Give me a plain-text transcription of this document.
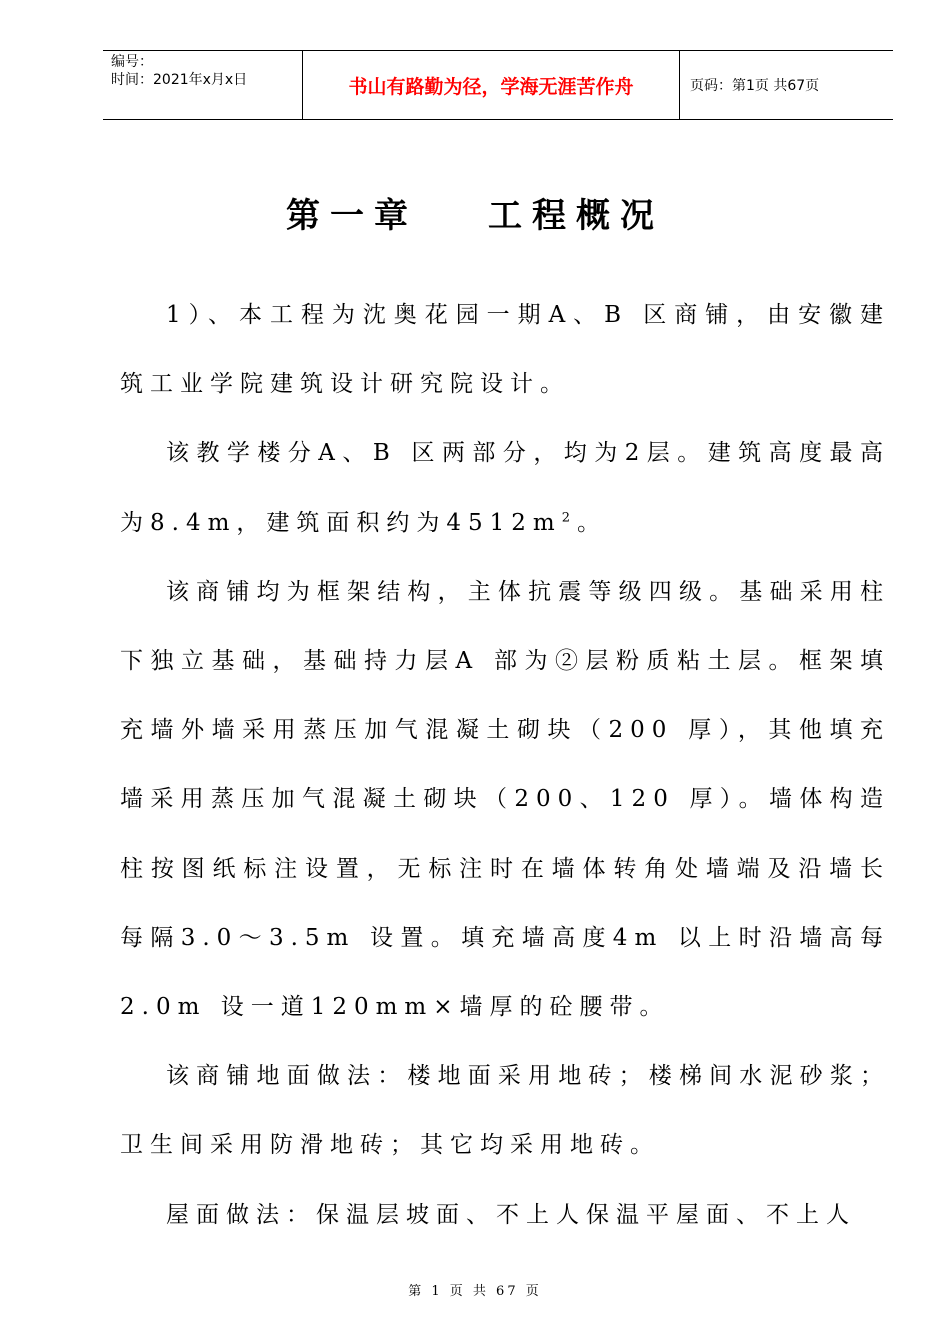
编号：
时间：2021年x月x日	书山有路勤为径，学海无涯苦作舟	页码：第1页 共67页
第一章 工程概况

1）、本工程为沈奥花园一期A、B 区商铺，由安徽建筑工业学院建筑设计研究院设计。

该教学楼分A、B 区两部分，均为2层。建筑高度最高为8.4m，建筑面积约为$4512m^2$。

该商铺均为框架结构，主体抗震等级四级。基础采用柱下独立基础，基础持力层A 部为②层粉质粘土层。框架填充墙外墙采用蒸压加气混凝土砌块（200 厚），其他填充墙采用蒸压加气混凝土砌块（200、120 厚）。墙体构造柱按图纸标注设置，无标注时在墙体转角处墙端及沿墙长每隔3.0～3.5m 设置。填充墙高度4m 以上时沿墙高每2.0m 设一道120mm×墙厚的砼腰带。

该商铺地面做法：楼地面采用地砖；楼梯间水泥砂浆；卫生间采用防滑地砖；其它均采用地砖。

屋面做法：保温层坡面、不上人保温平屋面、不上人

第 1 页 共 67 页
